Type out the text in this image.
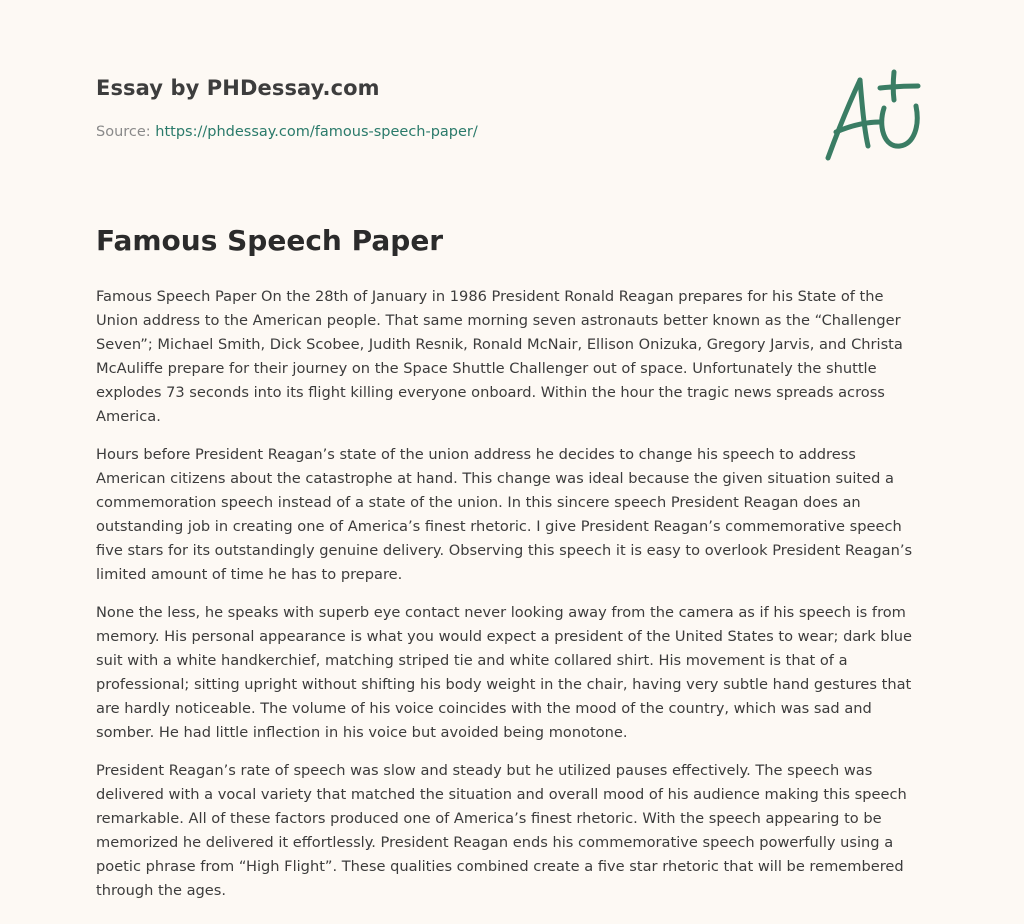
Essay by PHDessay.com
Source: https://phdessay.com/famous-speech-paper/
Famous Speech Paper

Famous Speech Paper On the 28th of January in 1986 President Ronald Reagan prepares for his State of the Union address to the American people. That same morning seven astronauts better known as the “Challenger Seven”; Michael Smith, Dick Scobee, Judith Resnik, Ronald McNair, Ellison Onizuka, Gregory Jarvis, and Christa McAuliffe prepare for their journey on the Space Shuttle Challenger out of space. Unfortunately the shuttle explodes 73 seconds into its flight killing everyone onboard. Within the hour the tragic news spreads across America.

Hours before President Reagan’s state of the union address he decides to change his speech to address American citizens about the catastrophe at hand. This change was ideal because the given situation suited a commemoration speech instead of a state of the union. In this sincere speech President Reagan does an outstanding job in creating one of America’s finest rhetoric. I give President Reagan’s commemorative speech five stars for its outstandingly genuine delivery. Observing this speech it is easy to overlook President Reagan’s limited amount of time he has to prepare.

None the less, he speaks with superb eye contact never looking away from the camera as if his speech is from memory. His personal appearance is what you would expect a president of the United States to wear; dark blue suit with a white handkerchief, matching striped tie and white collared shirt. His movement is that of a professional; sitting upright without shifting his body weight in the chair, having very subtle hand gestures that are hardly noticeable. The volume of his voice coincides with the mood of the country, which was sad and somber. He had little inflection in his voice but avoided being monotone.

President Reagan’s rate of speech was slow and steady but he utilized pauses effectively. The speech was delivered with a vocal variety that matched the situation and overall mood of his audience making this speech remarkable. All of these factors produced one of America’s finest rhetoric. With the speech appearing to be memorized he delivered it effortlessly. President Reagan ends his commemorative speech powerfully using a poetic phrase from “High Flight”. These qualities combined create a five star rhetoric that will be remembered through the ages.
